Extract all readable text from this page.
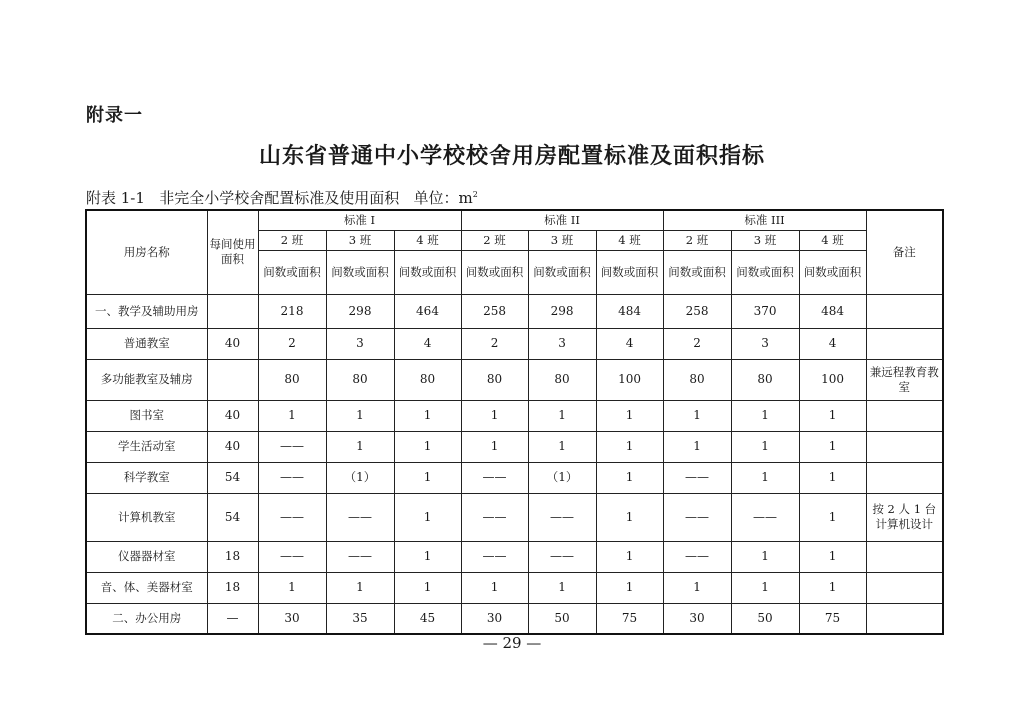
附录一
山东省普通中小学校校舍用房配置标准及面积指标
附表 1-1   非完全小学校舍配置标准及使用面积   单位：$m^2$
用房名称	每间使用面积	标准 I			标准 II			标准 III			备注
		2 班	3 班	4 班	2 班	3 班	4 班	2 班	3 班	4 班	
		间数或面积	间数或面积	间数或面积	间数或面积	间数或面积	间数或面积	间数或面积	间数或面积	间数或面积	
一、教学及辅助用房		218	298	464	258	298	484	258	370	484	
普通教室	40	2	3	4	2	3	4	2	3	4	
多功能教室及辅房		80	80	80	80	80	100	80	80	100	兼远程教育教室
图书室	40	1	1	1	1	1	1	1	1	1	
学生活动室	40	——	1	1	1	1	1	1	1	1	
科学教室	54	——	（1）	1	——	（1）	1	——	1	1	
计算机教室	54	——	——	1	——	——	1	——	——	1	按 2 人 1 台计算机设计
仪器器材室	18	——	——	1	——	——	1	——	1	1	
音、体、美器材室	18	1	1	1	1	1	1	1	1	1	
二、办公用房	—	30	35	45	30	50	75	30	50	75	
— 29 —
